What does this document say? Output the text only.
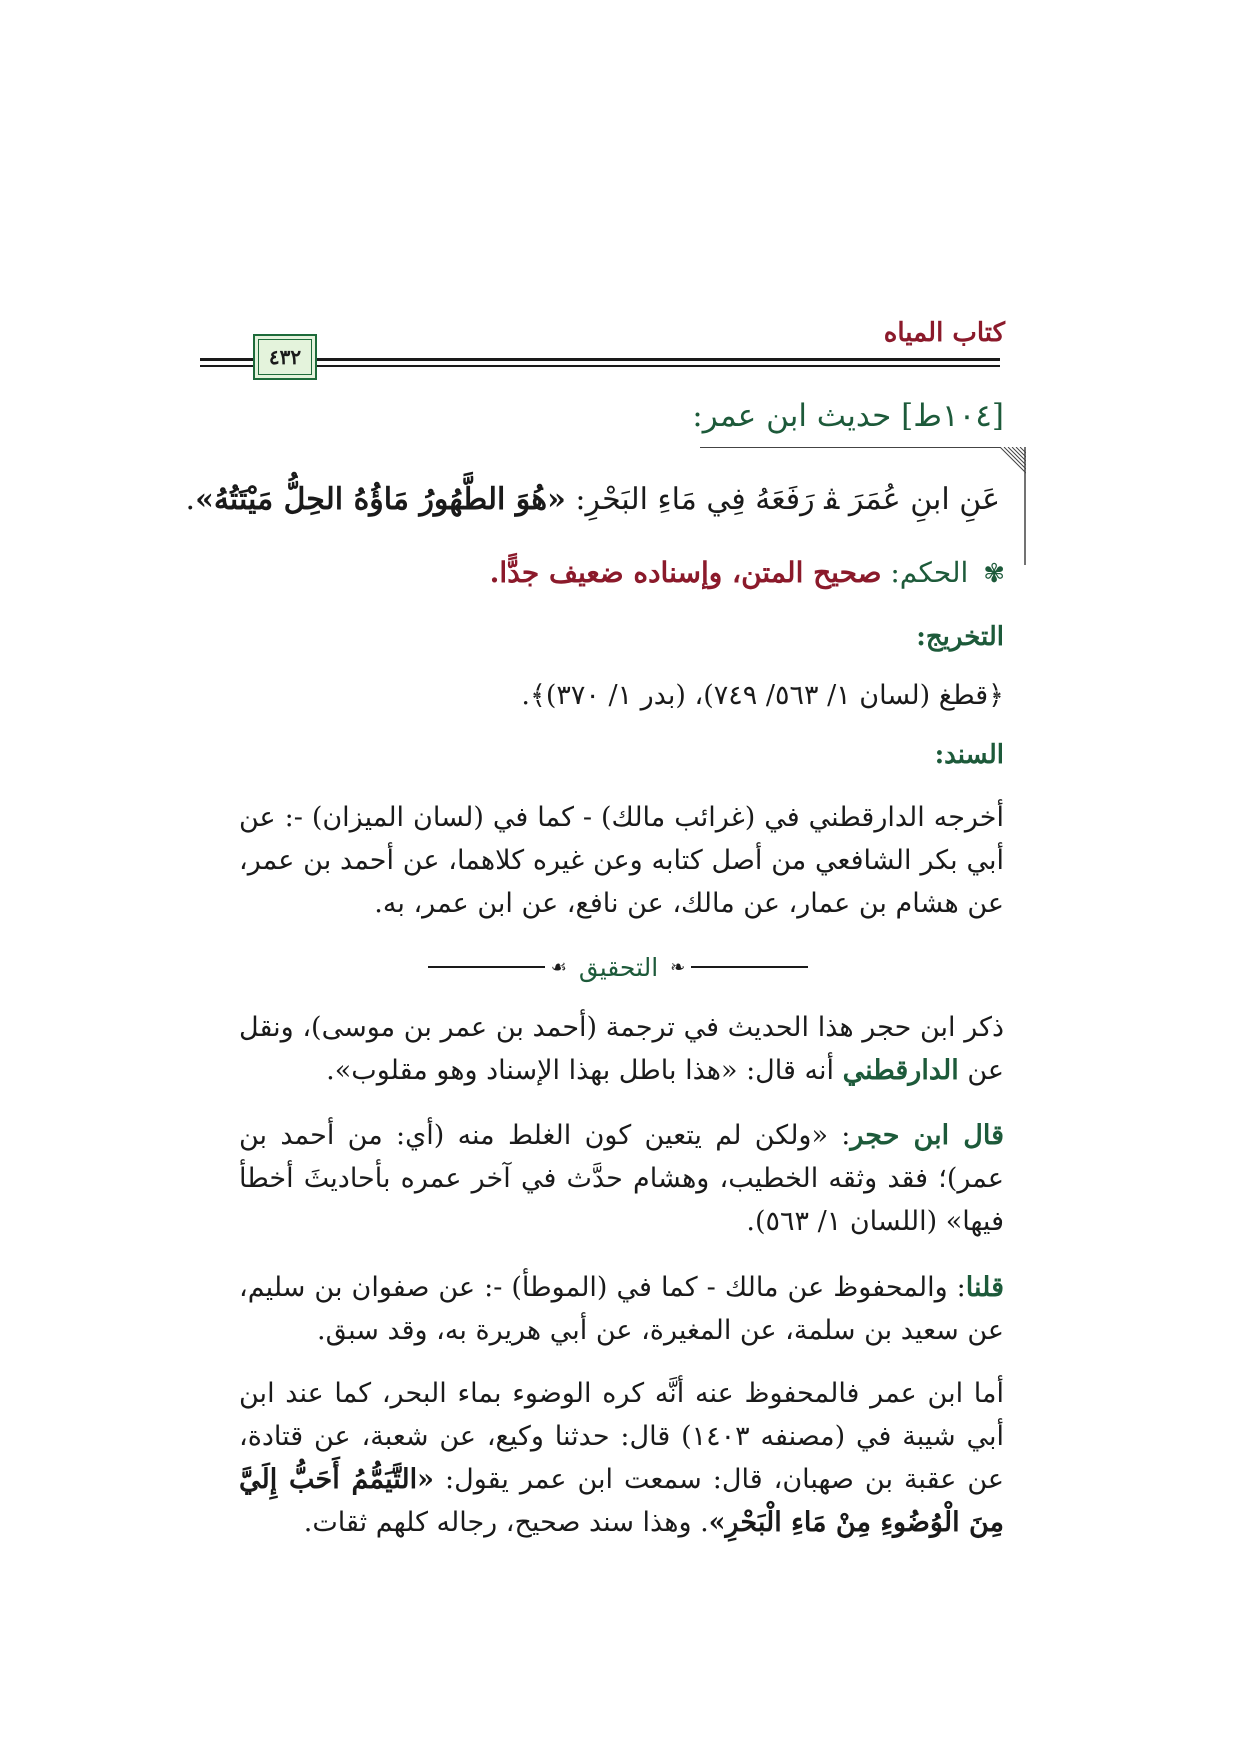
كتاب المياه
٤٣٢
[١٠٤ط] حديث ابن عمر:
عَنِ ابنِ عُمَرَ ﭭ رَفَعَهُ فِي مَاءِ البَحْرِ: «هُوَ الطَّهُورُ مَاؤُهُ الحِلُّ مَيْتَتُهُ».
✾ الحكم: صحيح المتن، وإسناده ضعيف جدًّا.
التخريج:
﴿قطغ (لسان ١/ ٥٦٣/ ٧٤٩)، (بدر ١/ ٣٧٠)﴾.
السند:
أخرجه الدارقطني في (غرائب مالك) - كما في (لسان الميزان) -: عن أبي بكر الشافعي من أصل كتابه وعن غيره كلاهما، عن أحمد بن عمر، عن هشام بن عمار، عن مالك، عن نافع، عن ابن عمر، به.
❧
التحقيق
☙
ذكر ابن حجر هذا الحديث في ترجمة (أحمد بن عمر بن موسى)، ونقل عن الدارقطني أنه قال: «هذا باطل بهذا الإسناد وهو مقلوب».
قال ابن حجر: «ولكن لم يتعين كون الغلط منه (أي: من أحمد بن عمر)؛ فقد وثقه الخطيب، وهشام حدَّث في آخر عمره بأحاديثَ أخطأ فيها» (اللسان ١/ ٥٦٣).
قلنا: والمحفوظ عن مالك - كما في (الموطأ) -: عن صفوان بن سليم، عن سعيد بن سلمة، عن المغيرة، عن أبي هريرة به، وقد سبق.
أما ابن عمر فالمحفوظ عنه أنَّه كره الوضوء بماء البحر، كما عند ابن أبي شيبة في (مصنفه ١٤٠٣) قال: حدثنا وكيع، عن شعبة، عن قتادة، عن عقبة بن صهبان، قال: سمعت ابن عمر يقول: «التَّيَمُّمُ أَحَبُّ إِلَيَّ مِنَ الْوُضُوءِ مِنْ مَاءِ الْبَحْرِ». وهذا سند صحيح، رجاله كلهم ثقات.
